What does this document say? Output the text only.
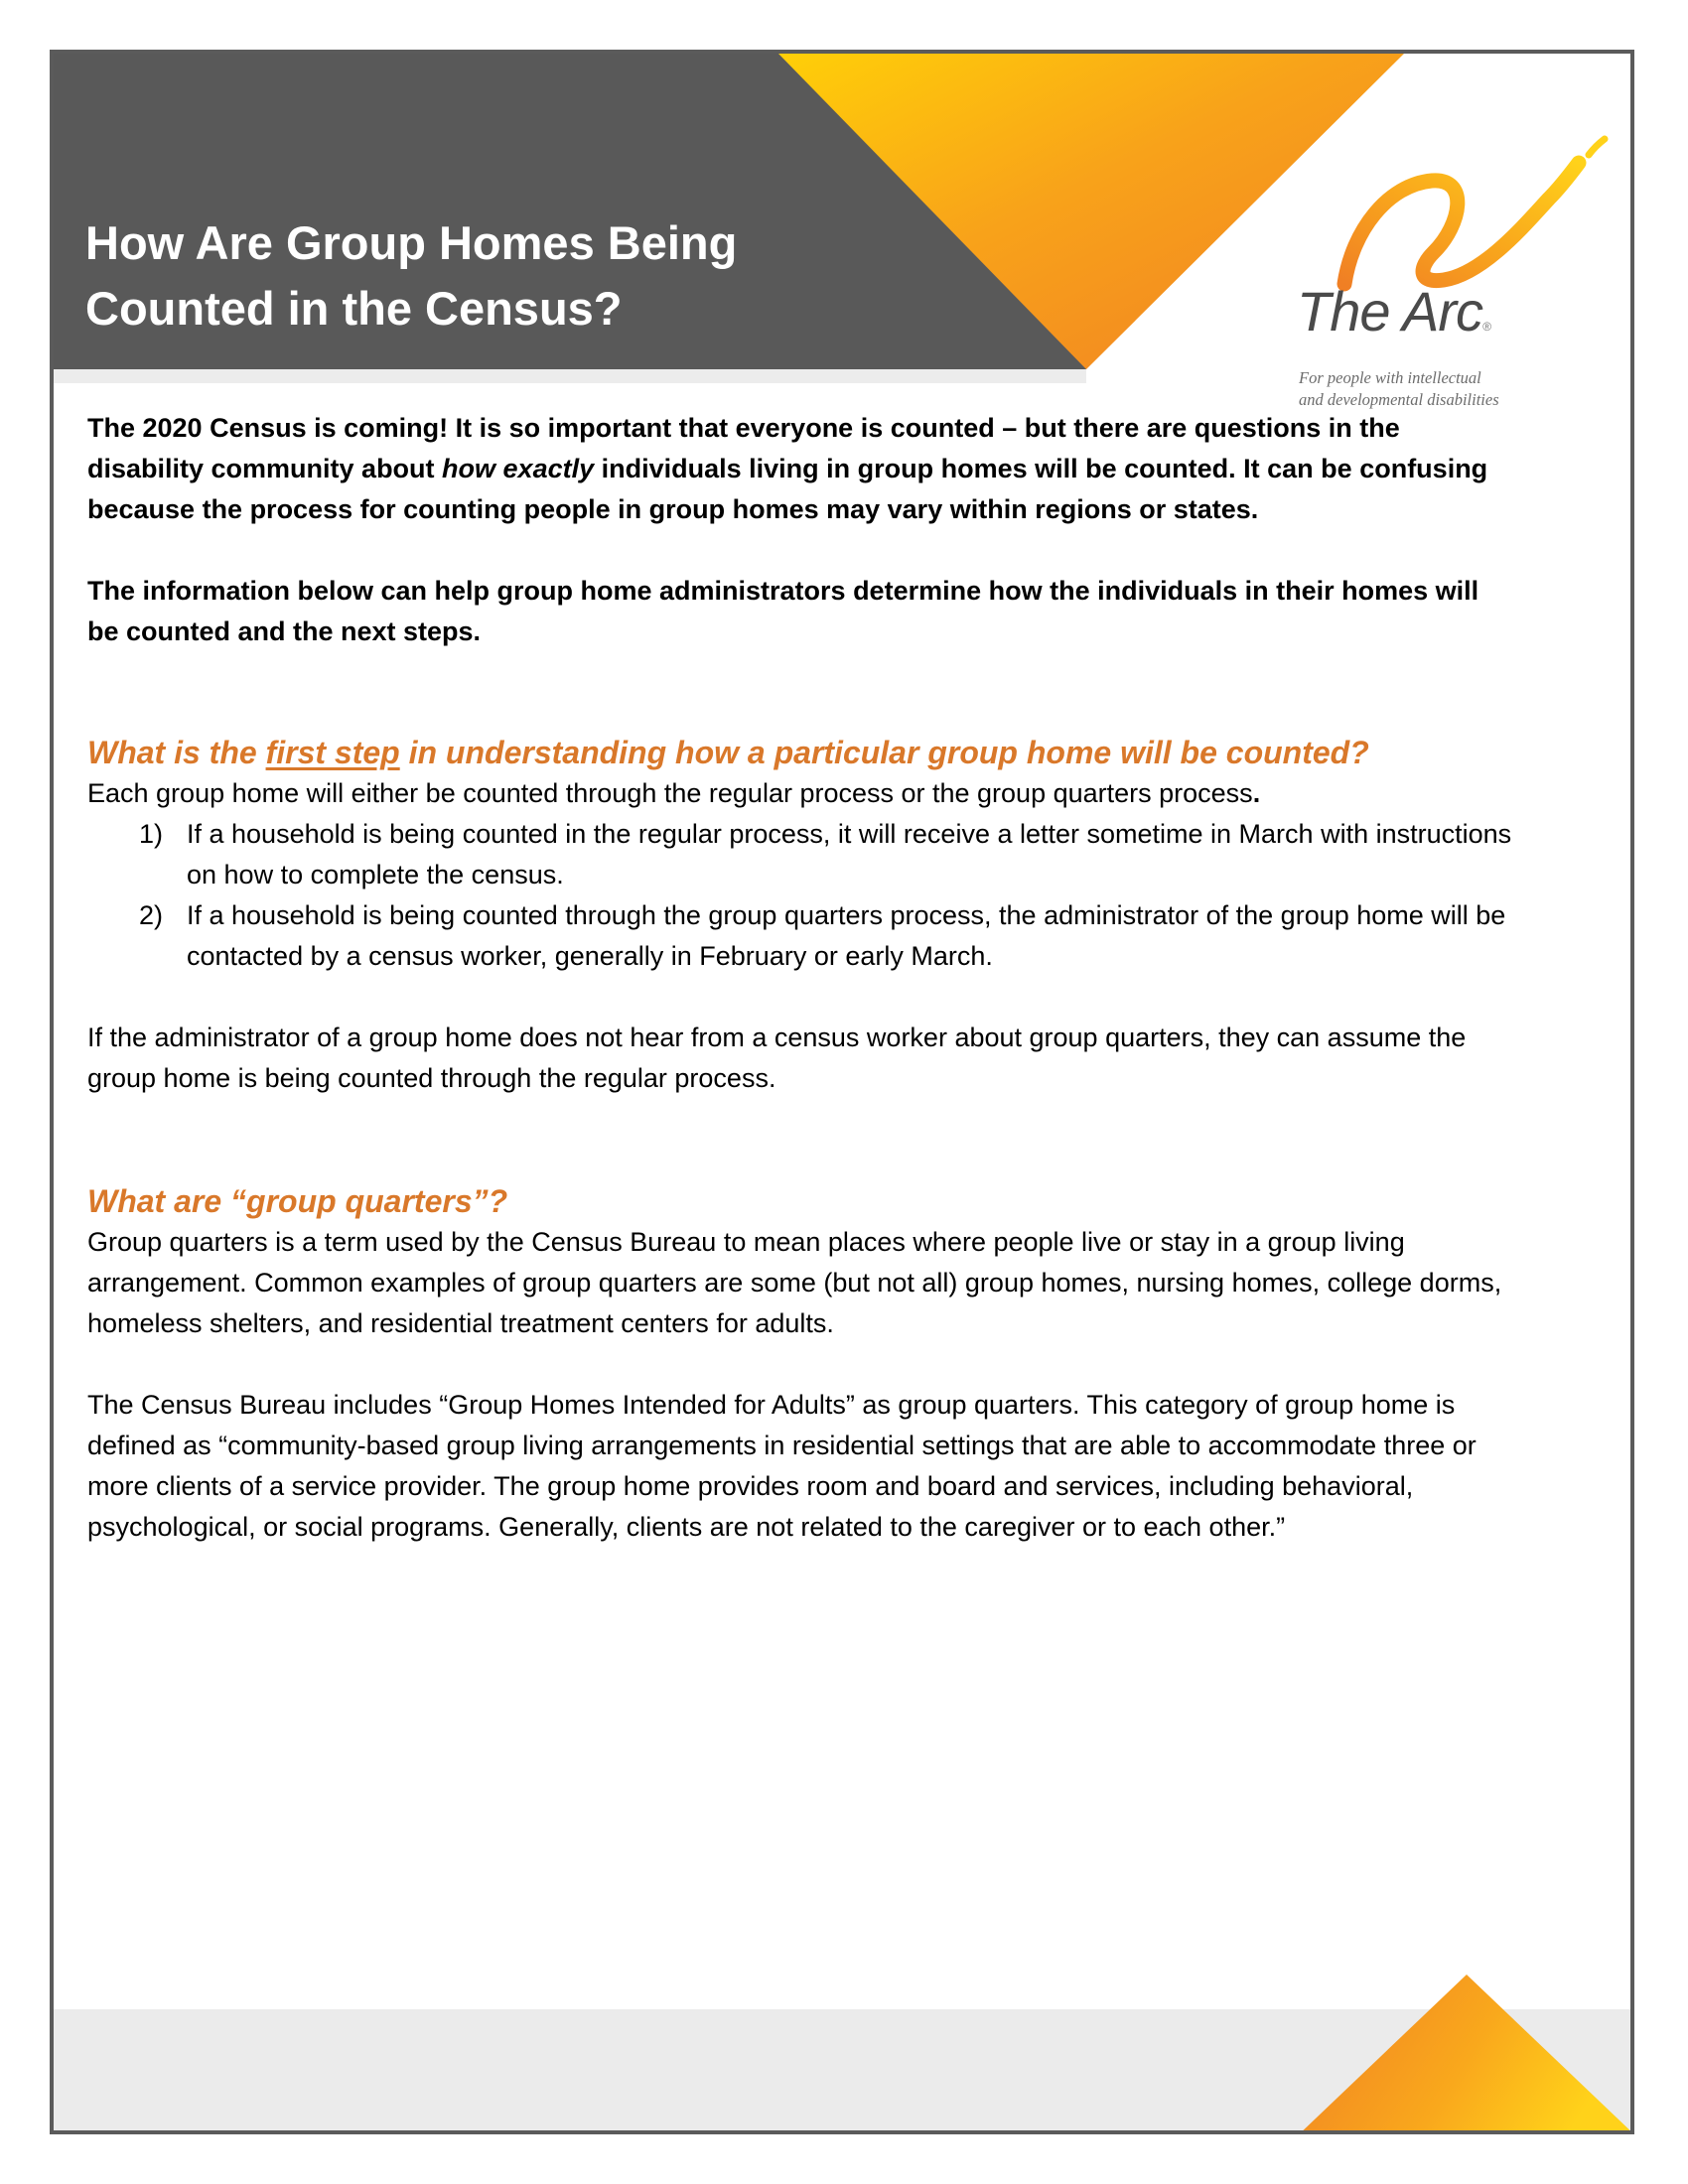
How Are Group Homes Being
Counted in the Census?	The Arc®
For people with intellectual
and developmental disabilities

The 2020 Census is coming! It is so important that everyone is counted – but there are questions in the disability community about how exactly individuals living in group homes will be counted. It can be confusing because the process for counting people in group homes may vary within regions or states.

The information below can help group home administrators determine how the individuals in their homes will be counted and the next steps.

What is the first step in understanding how a particular group home will be counted?

Each group home will either be counted through the regular process or the group quarters process.

1) If a household is being counted in the regular process, it will receive a letter sometime in March with instructions on how to complete the census.
2) If a household is being counted through the group quarters process, the administrator of the group home will be contacted by a census worker, generally in February or early March.

If the administrator of a group home does not hear from a census worker about group quarters, they can assume the group home is being counted through the regular process.

What are “group quarters”?

Group quarters is a term used by the Census Bureau to mean places where people live or stay in a group living arrangement. Common examples of group quarters are some (but not all) group homes, nursing homes, college dorms, homeless shelters, and residential treatment centers for adults.

The Census Bureau includes “Group Homes Intended for Adults” as group quarters. This category of group home is defined as “community-based group living arrangements in residential settings that are able to accommodate three or more clients of a service provider. The group home provides room and board and services, including behavioral, psychological, or social programs. Generally, clients are not related to the caregiver or to each other.”
